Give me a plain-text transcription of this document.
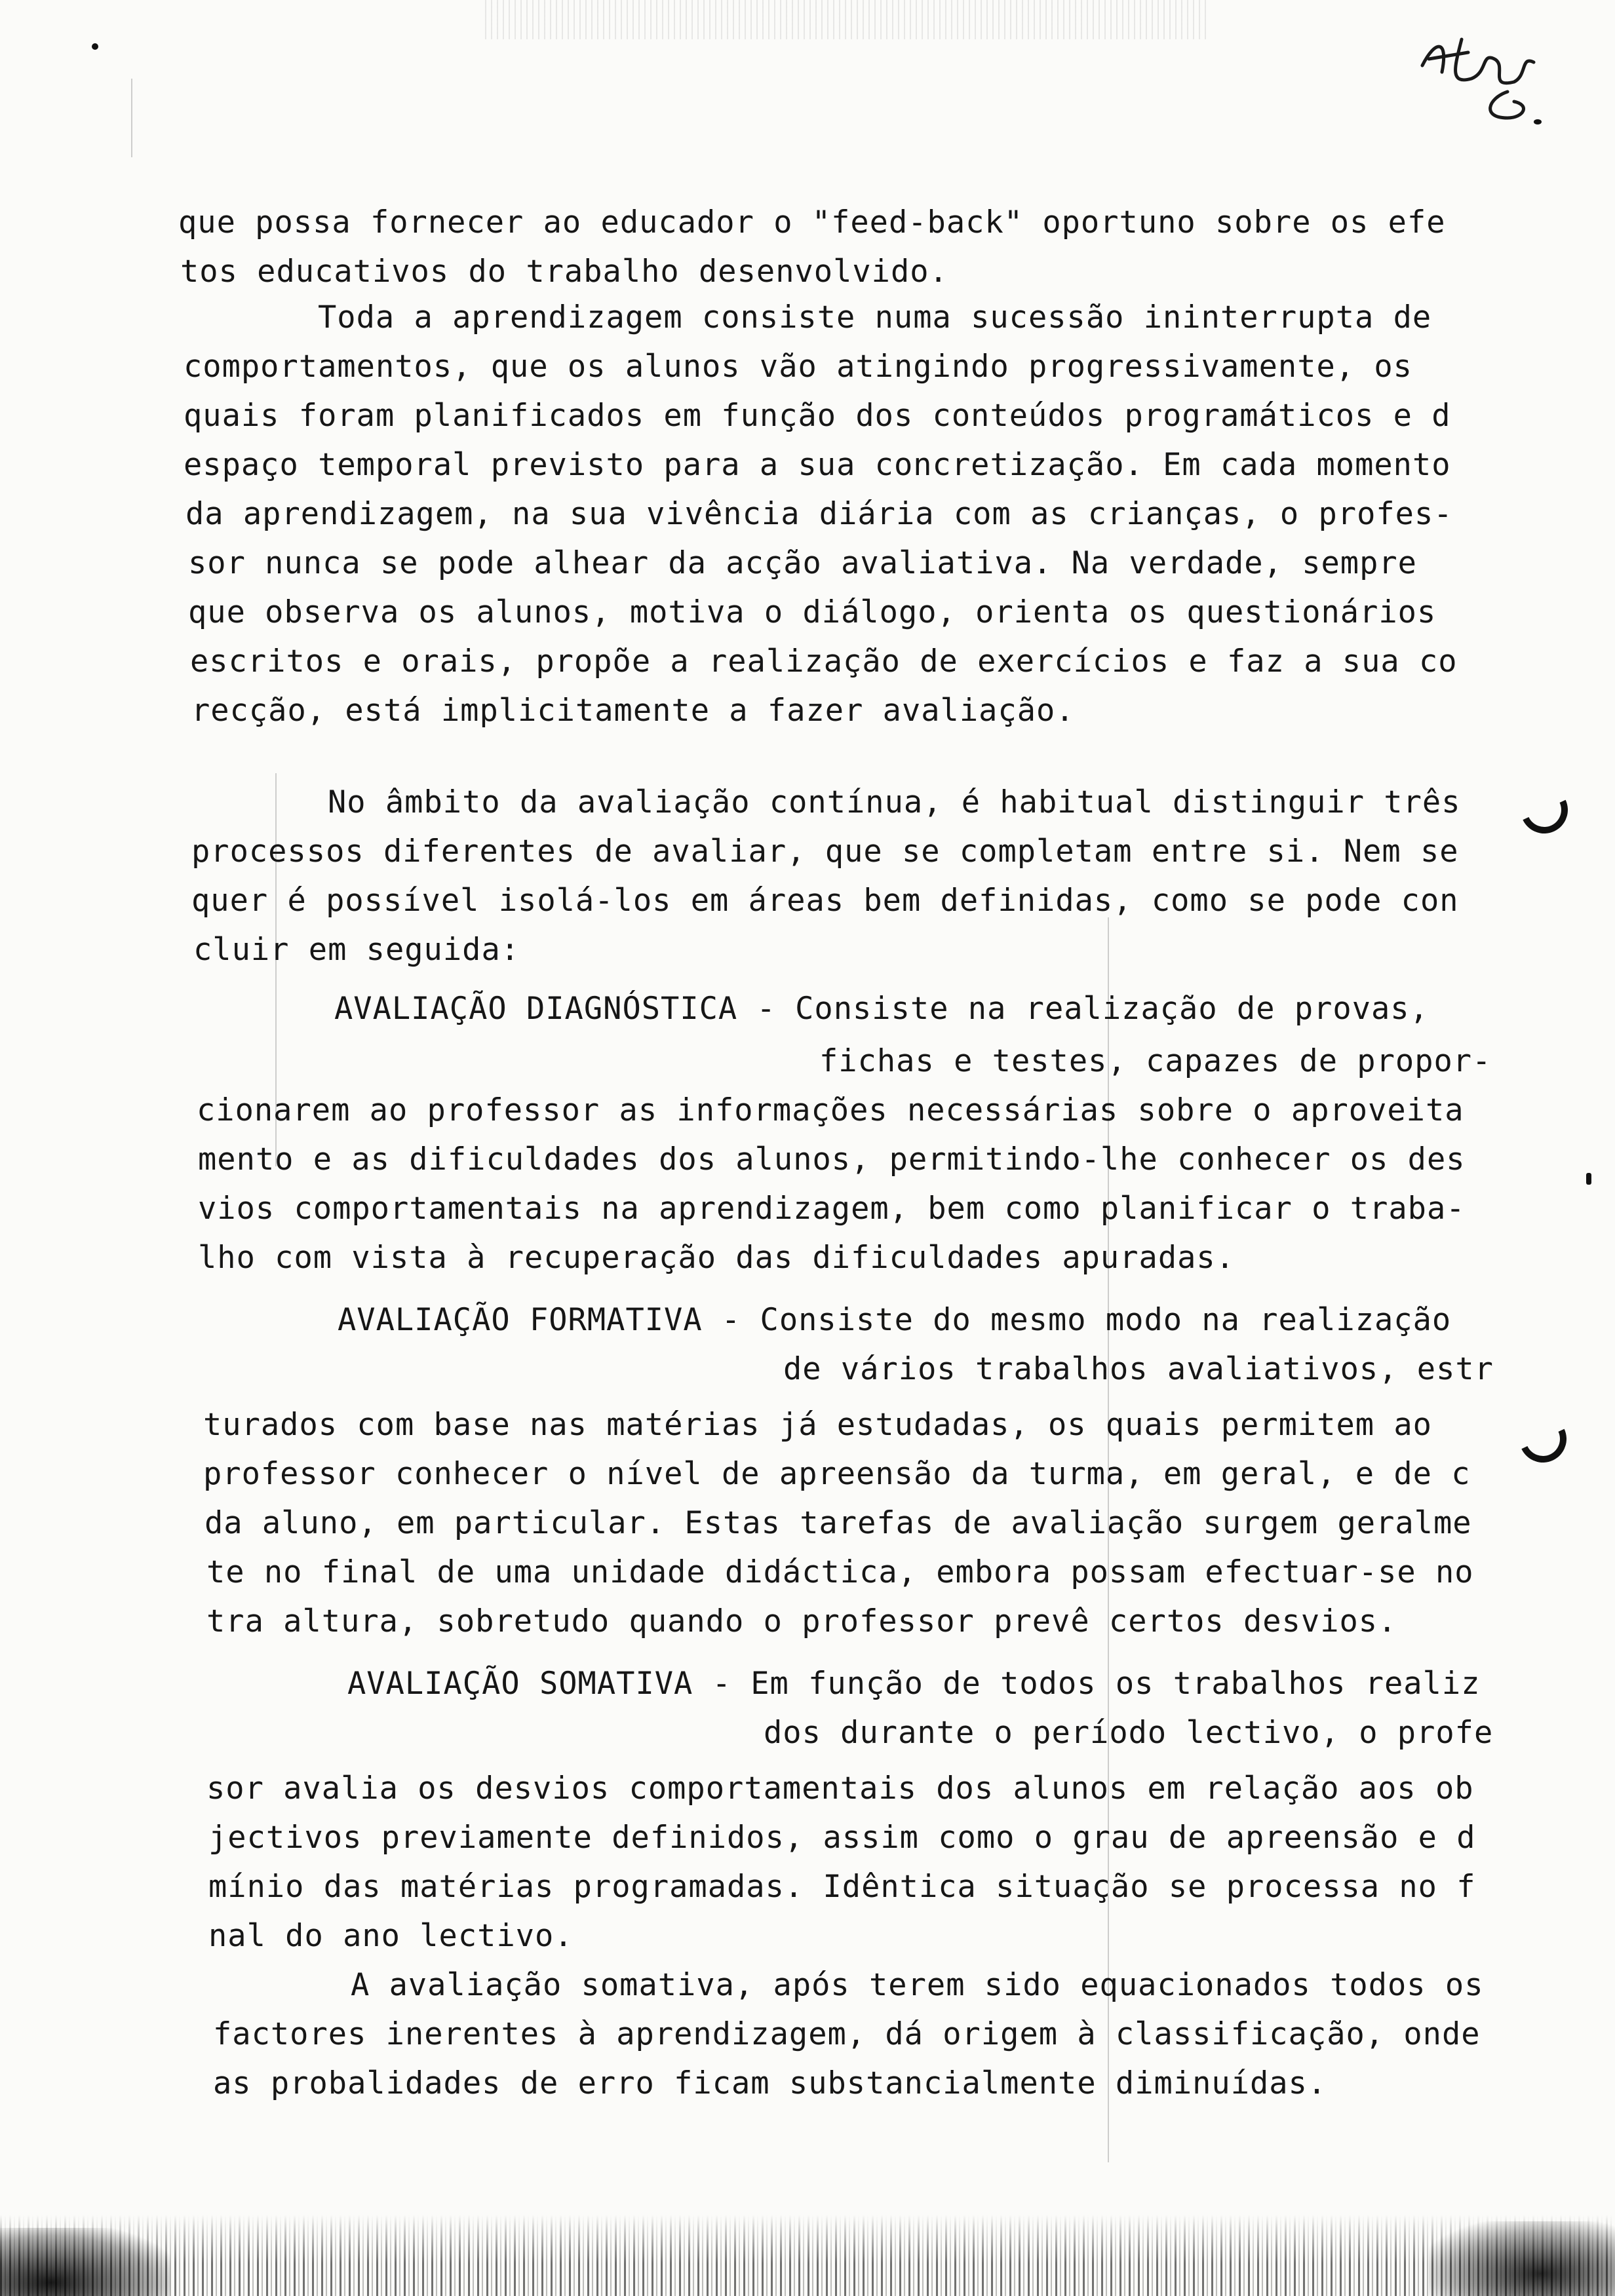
que possa fornecer ao educador o "feed-back" oportuno sobre os efe
tos educativos do trabalho desenvolvido.
Toda a aprendizagem consiste numa sucessão ininterrupta de
comportamentos, que os alunos vão atingindo progressivamente, os
quais foram planificados em função dos conteúdos programáticos e d
espaço temporal previsto para a sua concretização. Em cada momento
da aprendizagem, na sua vivência diária com as crianças, o profes-
sor nunca se pode alhear da acção avaliativa. Na verdade, sempre
que observa os alunos, motiva o diálogo, orienta os questionários
escritos e orais, propõe a realização de exercícios e faz a sua co
recção, está implicitamente a fazer avaliação.
No âmbito da avaliação contínua, é habitual distinguir três
processos diferentes de avaliar, que se completam entre si. Nem se
quer é possível isolá-los em áreas bem definidas, como se pode con
cluir em seguida:
AVALIAÇÃO DIAGNÓSTICA - Consiste na realização de provas,
fichas e testes, capazes de propor-
cionarem ao professor as informações necessárias sobre o aproveita
mento e as dificuldades dos alunos, permitindo-lhe conhecer os des
vios comportamentais na aprendizagem, bem como planificar o traba-
lho com vista à recuperação das dificuldades apuradas.
AVALIAÇÃO FORMATIVA - Consiste do mesmo modo na realização
de vários trabalhos avaliativos, estr
turados com base nas matérias já estudadas, os quais permitem ao
professor conhecer o nível de apreensão da turma, em geral, e de c
da aluno, em particular. Estas tarefas de avaliação surgem geralme
te no final de uma unidade didáctica, embora possam efectuar-se no
tra altura, sobretudo quando o professor prevê certos desvios.
AVALIAÇÃO SOMATIVA - Em função de todos os trabalhos realiz
dos durante o período lectivo, o profe
sor avalia os desvios comportamentais dos alunos em relação aos ob
jectivos previamente definidos, assim como o grau de apreensão e d
mínio das matérias programadas. Idêntica situação se processa no f
nal do ano lectivo.
A avaliação somativa, após terem sido equacionados todos os
factores inerentes à aprendizagem, dá origem à classificação, onde
as probalidades de erro ficam substancialmente diminuídas.
